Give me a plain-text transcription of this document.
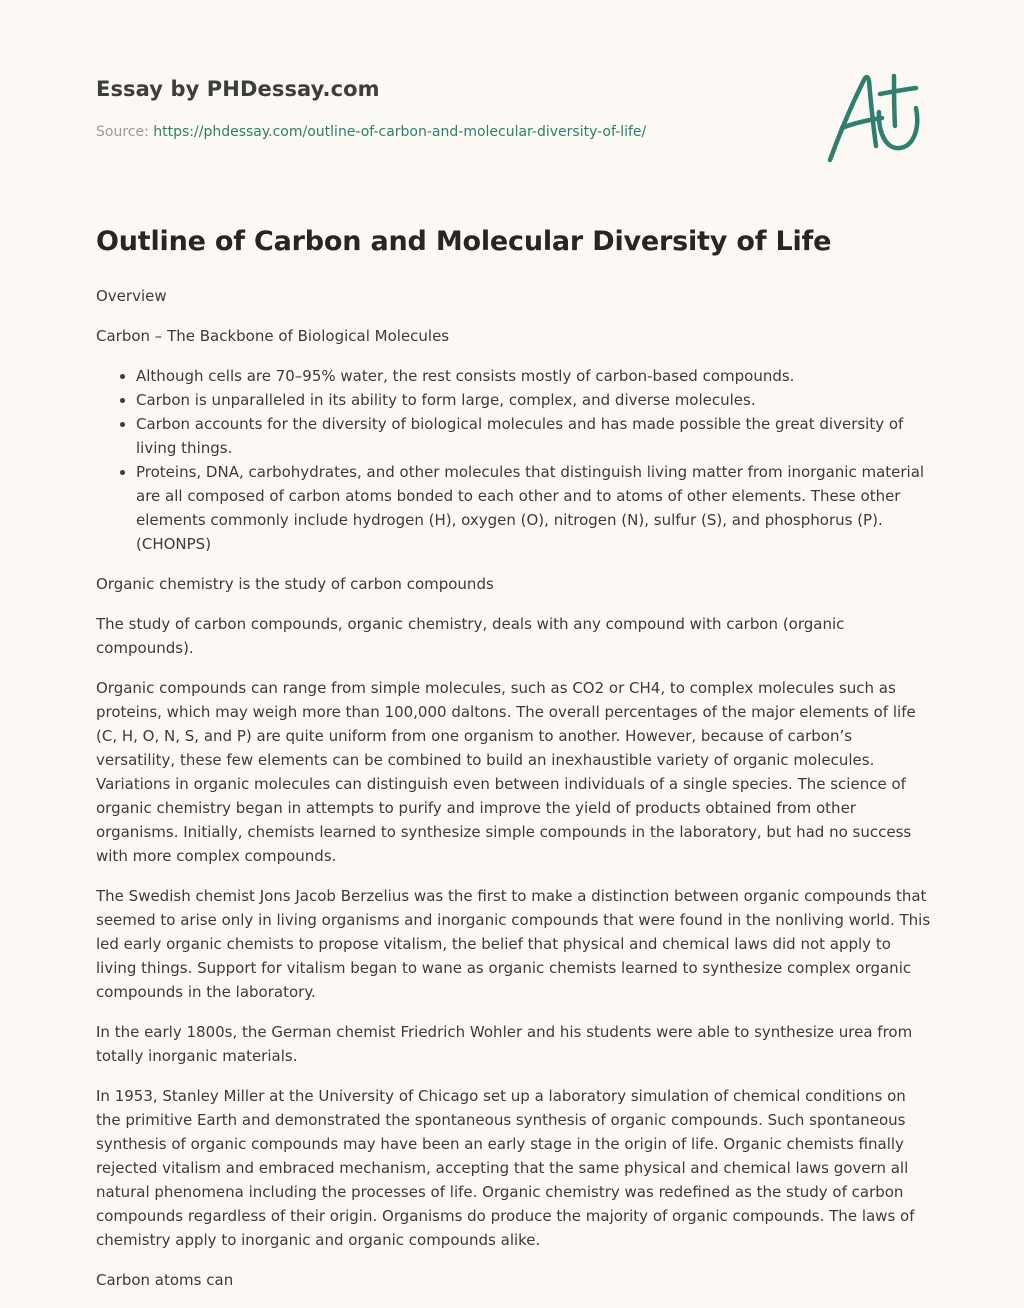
Essay by PHDessay.com
Source: https://phdessay.com/outline-of-carbon-and-molecular-diversity-of-life/
Outline of Carbon and Molecular Diversity of Life

Overview

Carbon – The Backbone of Biological Molecules

• Although cells are 70–95% water, the rest consists mostly of carbon-based compounds.
• Carbon is unparalleled in its ability to form large, complex, and diverse molecules.
• Carbon accounts for the diversity of biological molecules and has made possible the great diversity of living things.
• Proteins, DNA, carbohydrates, and other molecules that distinguish living matter from inorganic material are all composed of carbon atoms bonded to each other and to atoms of other elements. These other elements commonly include hydrogen (H), oxygen (O), nitrogen (N), sulfur (S), and phosphorus (P). (CHONPS)

Organic chemistry is the study of carbon compounds

The study of carbon compounds, organic chemistry, deals with any compound with carbon (organic compounds).

Organic compounds can range from simple molecules, such as CO2 or CH4, to complex molecules such as proteins, which may weigh more than 100,000 daltons. The overall percentages of the major elements of life (C, H, O, N, S, and P) are quite uniform from one organism to another. However, because of carbon’s versatility, these few elements can be combined to build an inexhaustible variety of organic molecules. Variations in organic molecules can distinguish even between individuals of a single species. The science of organic chemistry began in attempts to purify and improve the yield of products obtained from other organisms. Initially, chemists learned to synthesize simple compounds in the laboratory, but had no success with more complex compounds.

The Swedish chemist Jons Jacob Berzelius was the first to make a distinction between organic compounds that seemed to arise only in living organisms and inorganic compounds that were found in the nonliving world. This led early organic chemists to propose vitalism, the belief that physical and chemical laws did not apply to living things. Support for vitalism began to wane as organic chemists learned to synthesize complex organic compounds in the laboratory.

In the early 1800s, the German chemist Friedrich Wohler and his students were able to synthesize urea from totally inorganic materials.

In 1953, Stanley Miller at the University of Chicago set up a laboratory simulation of chemical conditions on the primitive Earth and demonstrated the spontaneous synthesis of organic compounds. Such spontaneous synthesis of organic compounds may have been an early stage in the origin of life. Organic chemists finally rejected vitalism and embraced mechanism, accepting that the same physical and chemical laws govern all natural phenomena including the processes of life. Organic chemistry was redefined as the study of carbon compounds regardless of their origin. Organisms do produce the majority of organic compounds. The laws of chemistry apply to inorganic and organic compounds alike.

Carbon atoms can
